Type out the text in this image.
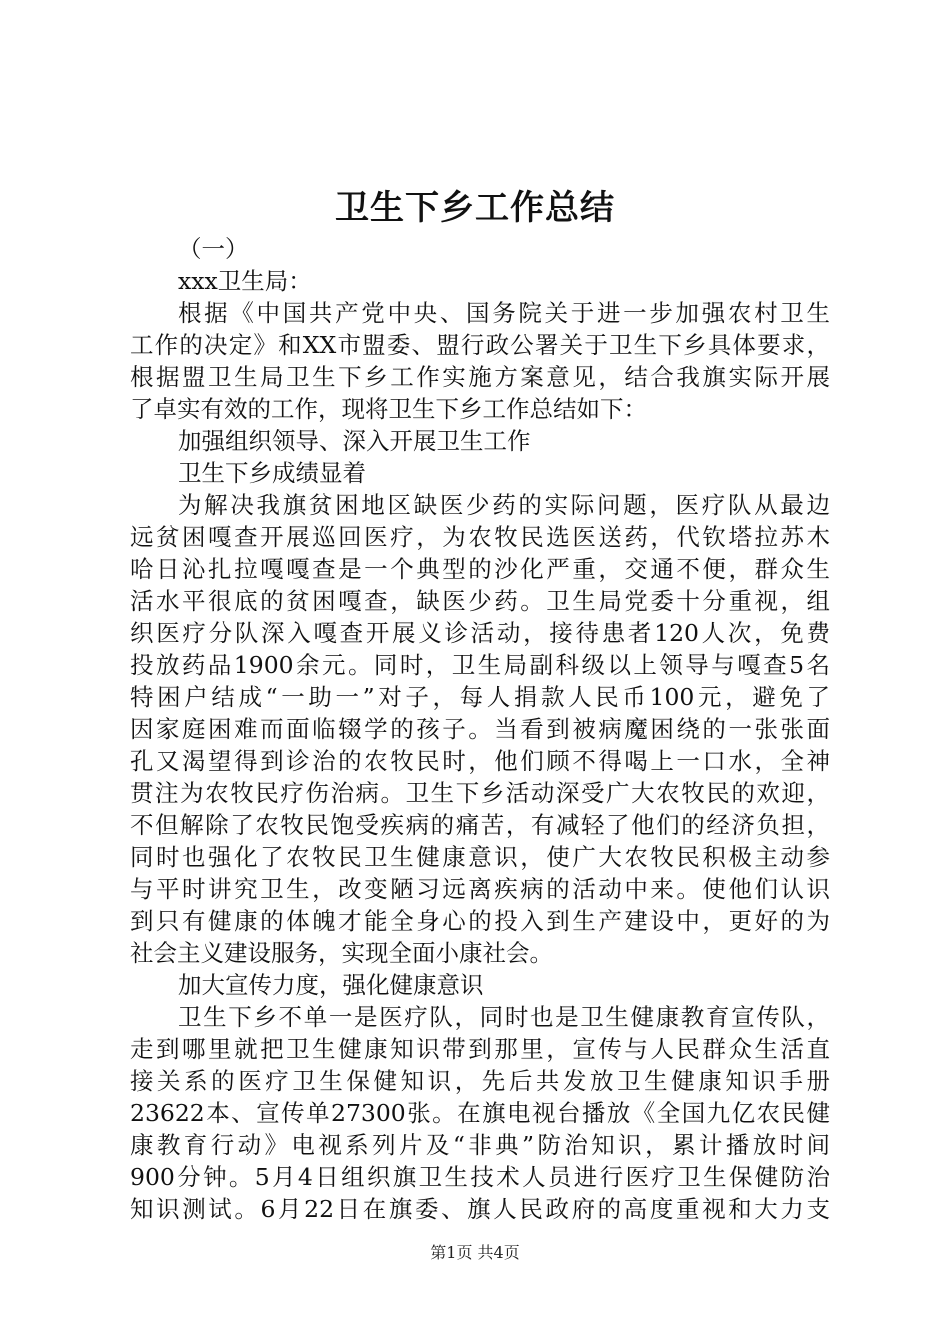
卫生下乡工作总结
（一）
xxx卫生局：
根据《中国共产党中央、国务院关于进一步加强农村卫生
工作的决定》和XX市盟委、盟行政公署关于卫生下乡具体要求，
根据盟卫生局卫生下乡工作实施方案意见，结合我旗实际开展
了卓实有效的工作，现将卫生下乡工作总结如下：
加强组织领导、深入开展卫生工作
卫生下乡成绩显着
为解决我旗贫困地区缺医少药的实际问题，医疗队从最边
远贫困嘎查开展巡回医疗，为农牧民选医送药，代钦塔拉苏木
哈日沁扎拉嘎嘎查是一个典型的沙化严重，交通不便，群众生
活水平很底的贫困嘎查，缺医少药。卫生局党委十分重视，组
织医疗分队深入嘎查开展义诊活动，接待患者120人次，免费
投放药品1900余元。同时，卫生局副科级以上领导与嘎查5名
特困户结成“一助一”对子，每人捐款人民币100元，避免了
因家庭困难而面临辍学的孩子。当看到被病魔困绕的一张张面
孔又渴望得到诊治的农牧民时，他们顾不得喝上一口水，全神
贯注为农牧民疗伤治病。卫生下乡活动深受广大农牧民的欢迎，
不但解除了农牧民饱受疾病的痛苦，有减轻了他们的经济负担，
同时也强化了农牧民卫生健康意识，使广大农牧民积极主动参
与平时讲究卫生，改变陋习远离疾病的活动中来。使他们认识
到只有健康的体魄才能全身心的投入到生产建设中，更好的为
社会主义建设服务，实现全面小康社会。
加大宣传力度，强化健康意识
卫生下乡不单一是医疗队，同时也是卫生健康教育宣传队，
走到哪里就把卫生健康知识带到那里，宣传与人民群众生活直
接关系的医疗卫生保健知识，先后共发放卫生健康知识手册
23622本、宣传单27300张。在旗电视台播放《全国九亿农民健
康教育行动》电视系列片及“非典”防治知识，累计播放时间
900分钟。5月4日组织旗卫生技术人员进行医疗卫生保健防治
知识测试。6月22日在旗委、旗人民政府的高度重视和大力支
第1页 共4页
